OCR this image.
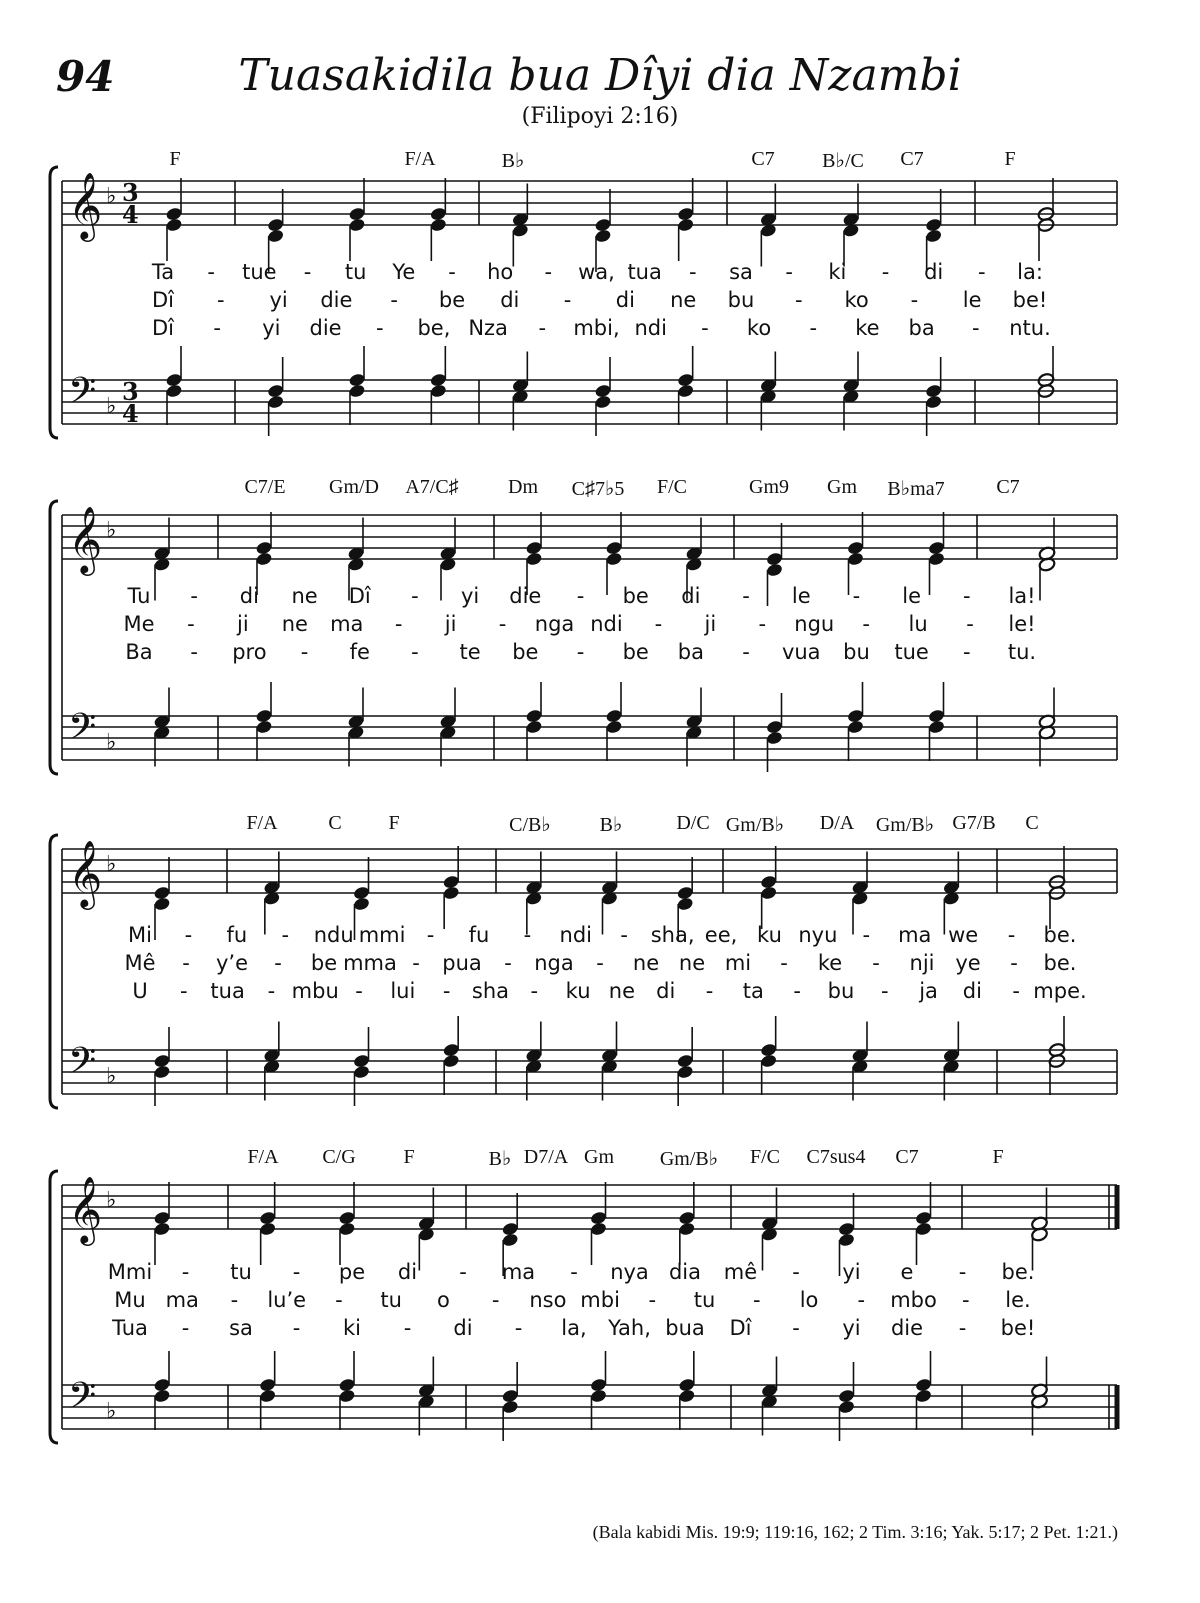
94	Tuasakidila bua Dîyi dia Nzambi
(Filipoyi 2:16)
𝄞
𝄢
♭
♭
3
4
3
4
𝄞
𝄢
♭
♭
𝄞
𝄢
♭
♭
𝄞
𝄢
♭
♭
F	F/A	B♭	C7 B♭/C C7	F
Ta - tue - tu Ye - ho - wa, tua - sa - ki - di - la:
Dî - yi die - be di - di ne bu - ko - le be!
Dî - yi die - be, Nza - mbi, ndi - ko - ke ba - ntu.
C7/E Gm/D A7/C♯ Dm C♯7♭5 F/C	Gm9 Gm B♭ma7	C7
Tu - di ne Dî - yi die - be di - le - le - la!
Me - ji ne ma - ji - nga ndi - ji - ngu - lu - le!
Ba - pro - fe - te be - be ba - vua bu tue - tu.
F/A	C F	C/B♭ B♭	D/C Gm/B♭ D/A Gm/B♭ G7/B C
Mi - fu - ndu mmi - fu - ndi - sha, ee, ku nyu - ma we - be.
Mê - y’e - be mma - pua - nga - ne ne mi - ke - nji ye - be.
U - tua - mbu - lui - sha - ku ne di - ta - bu - ja di - mpe.
F/A C/G F	B♭ D7/A Gm Gm/B♭ F/C C7sus4 C7	F
Mmi - tu - pe di - ma - nya dia mê - yi e - be.
Mu ma - lu’e - tu o - nso mbi - tu - lo - mbo - le.
Tua - sa - ki - di - la, Yah, bua Dî - yi die - be!
(Bala kabidi Mis. 19:9; 119:16, 162; 2 Tim. 3:16; Yak. 5:17; 2 Pet. 1:21.)
